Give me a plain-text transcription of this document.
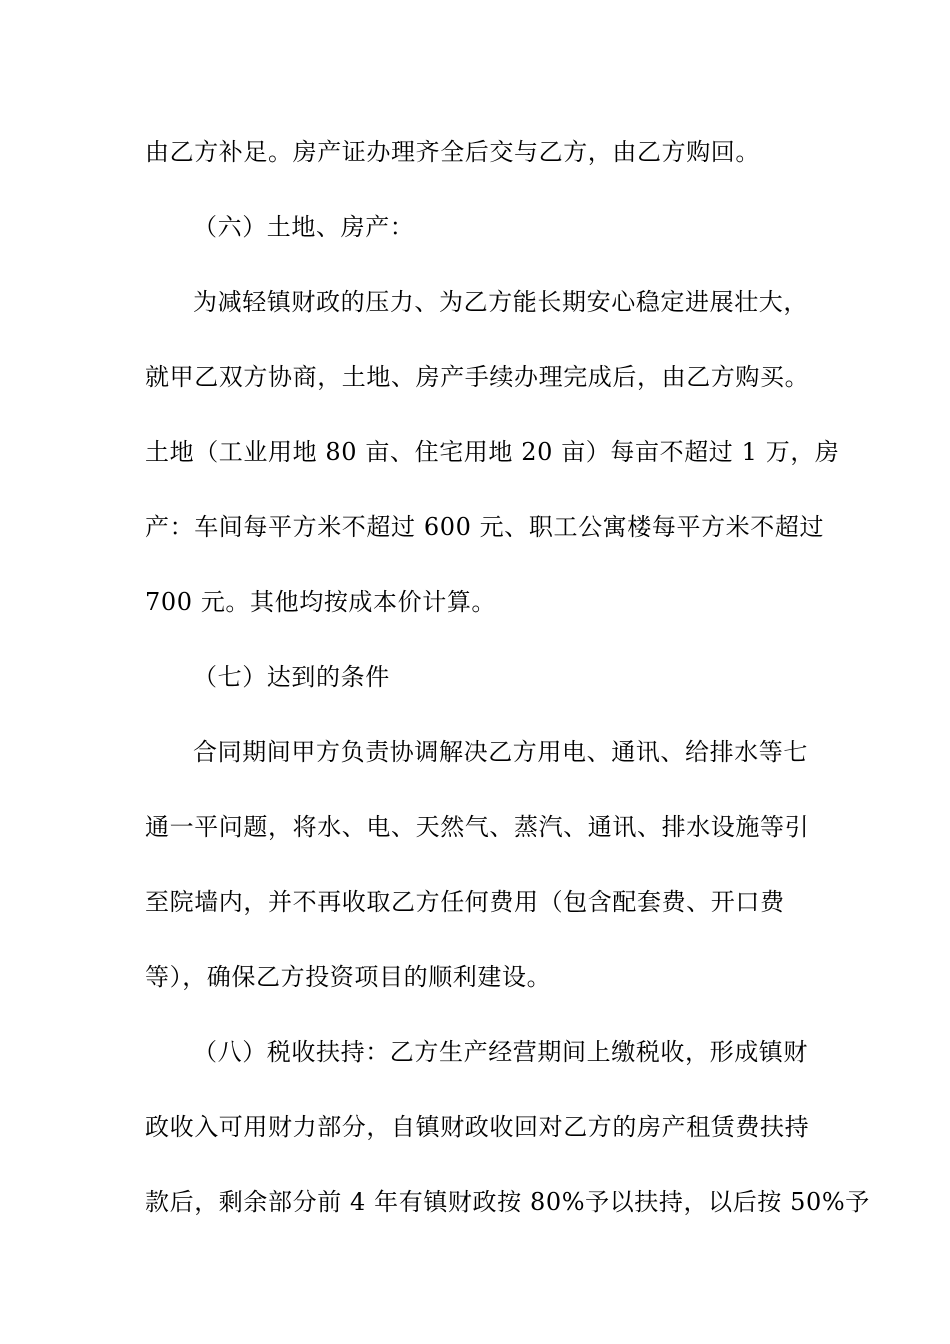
由乙方补足。房产证办理齐全后交与乙方，由乙方购回。
（六）土地、房产：
为减轻镇财政的压力、为乙方能长期安心稳定进展壮大，
就甲乙双方协商，土地、房产手续办理完成后，由乙方购买。
土地（工业用地 80 亩、住宅用地 20 亩）每亩不超过 1 万，房
产：车间每平方米不超过 600 元、职工公寓楼每平方米不超过
700 元。其他均按成本价计算。
（七）达到的条件
合同期间甲方负责协调解决乙方用电、通讯、给排水等七
通一平问题，将水、电、天然气、蒸汽、通讯、排水设施等引
至院墙内，并不再收取乙方任何费用（包含配套费、开口费
等），确保乙方投资项目的顺利建设。
（八）税收扶持：乙方生产经营期间上缴税收，形成镇财
政收入可用财力部分，自镇财政收回对乙方的房产租赁费扶持
款后，剩余部分前 4 年有镇财政按 80%予以扶持，以后按 50%予
